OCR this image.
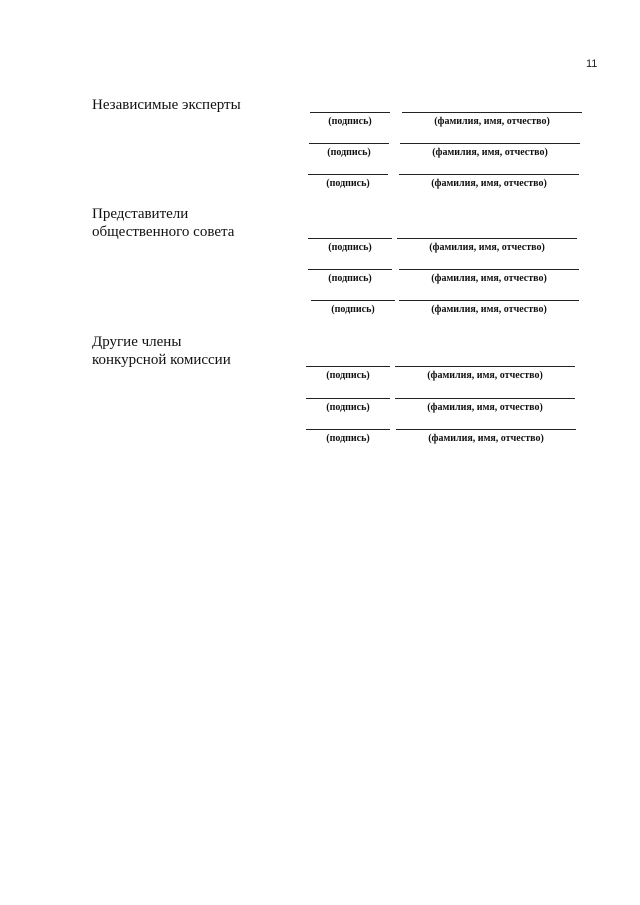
11
Независимые эксперты
(подпись)	(фамилия, имя, отчество)
(подпись)	(фамилия, имя, отчество)
(подпись)	(фамилия, имя, отчество)
Представители
общественного совета
(подпись)	(фамилия, имя, отчество)
(подпись)	(фамилия, имя, отчество)
(подпись)	(фамилия, имя, отчество)
Другие члены
конкурсной комиссии
(подпись)	(фамилия, имя, отчество)
(подпись)	(фамилия, имя, отчество)
(подпись)	(фамилия, имя, отчество)
